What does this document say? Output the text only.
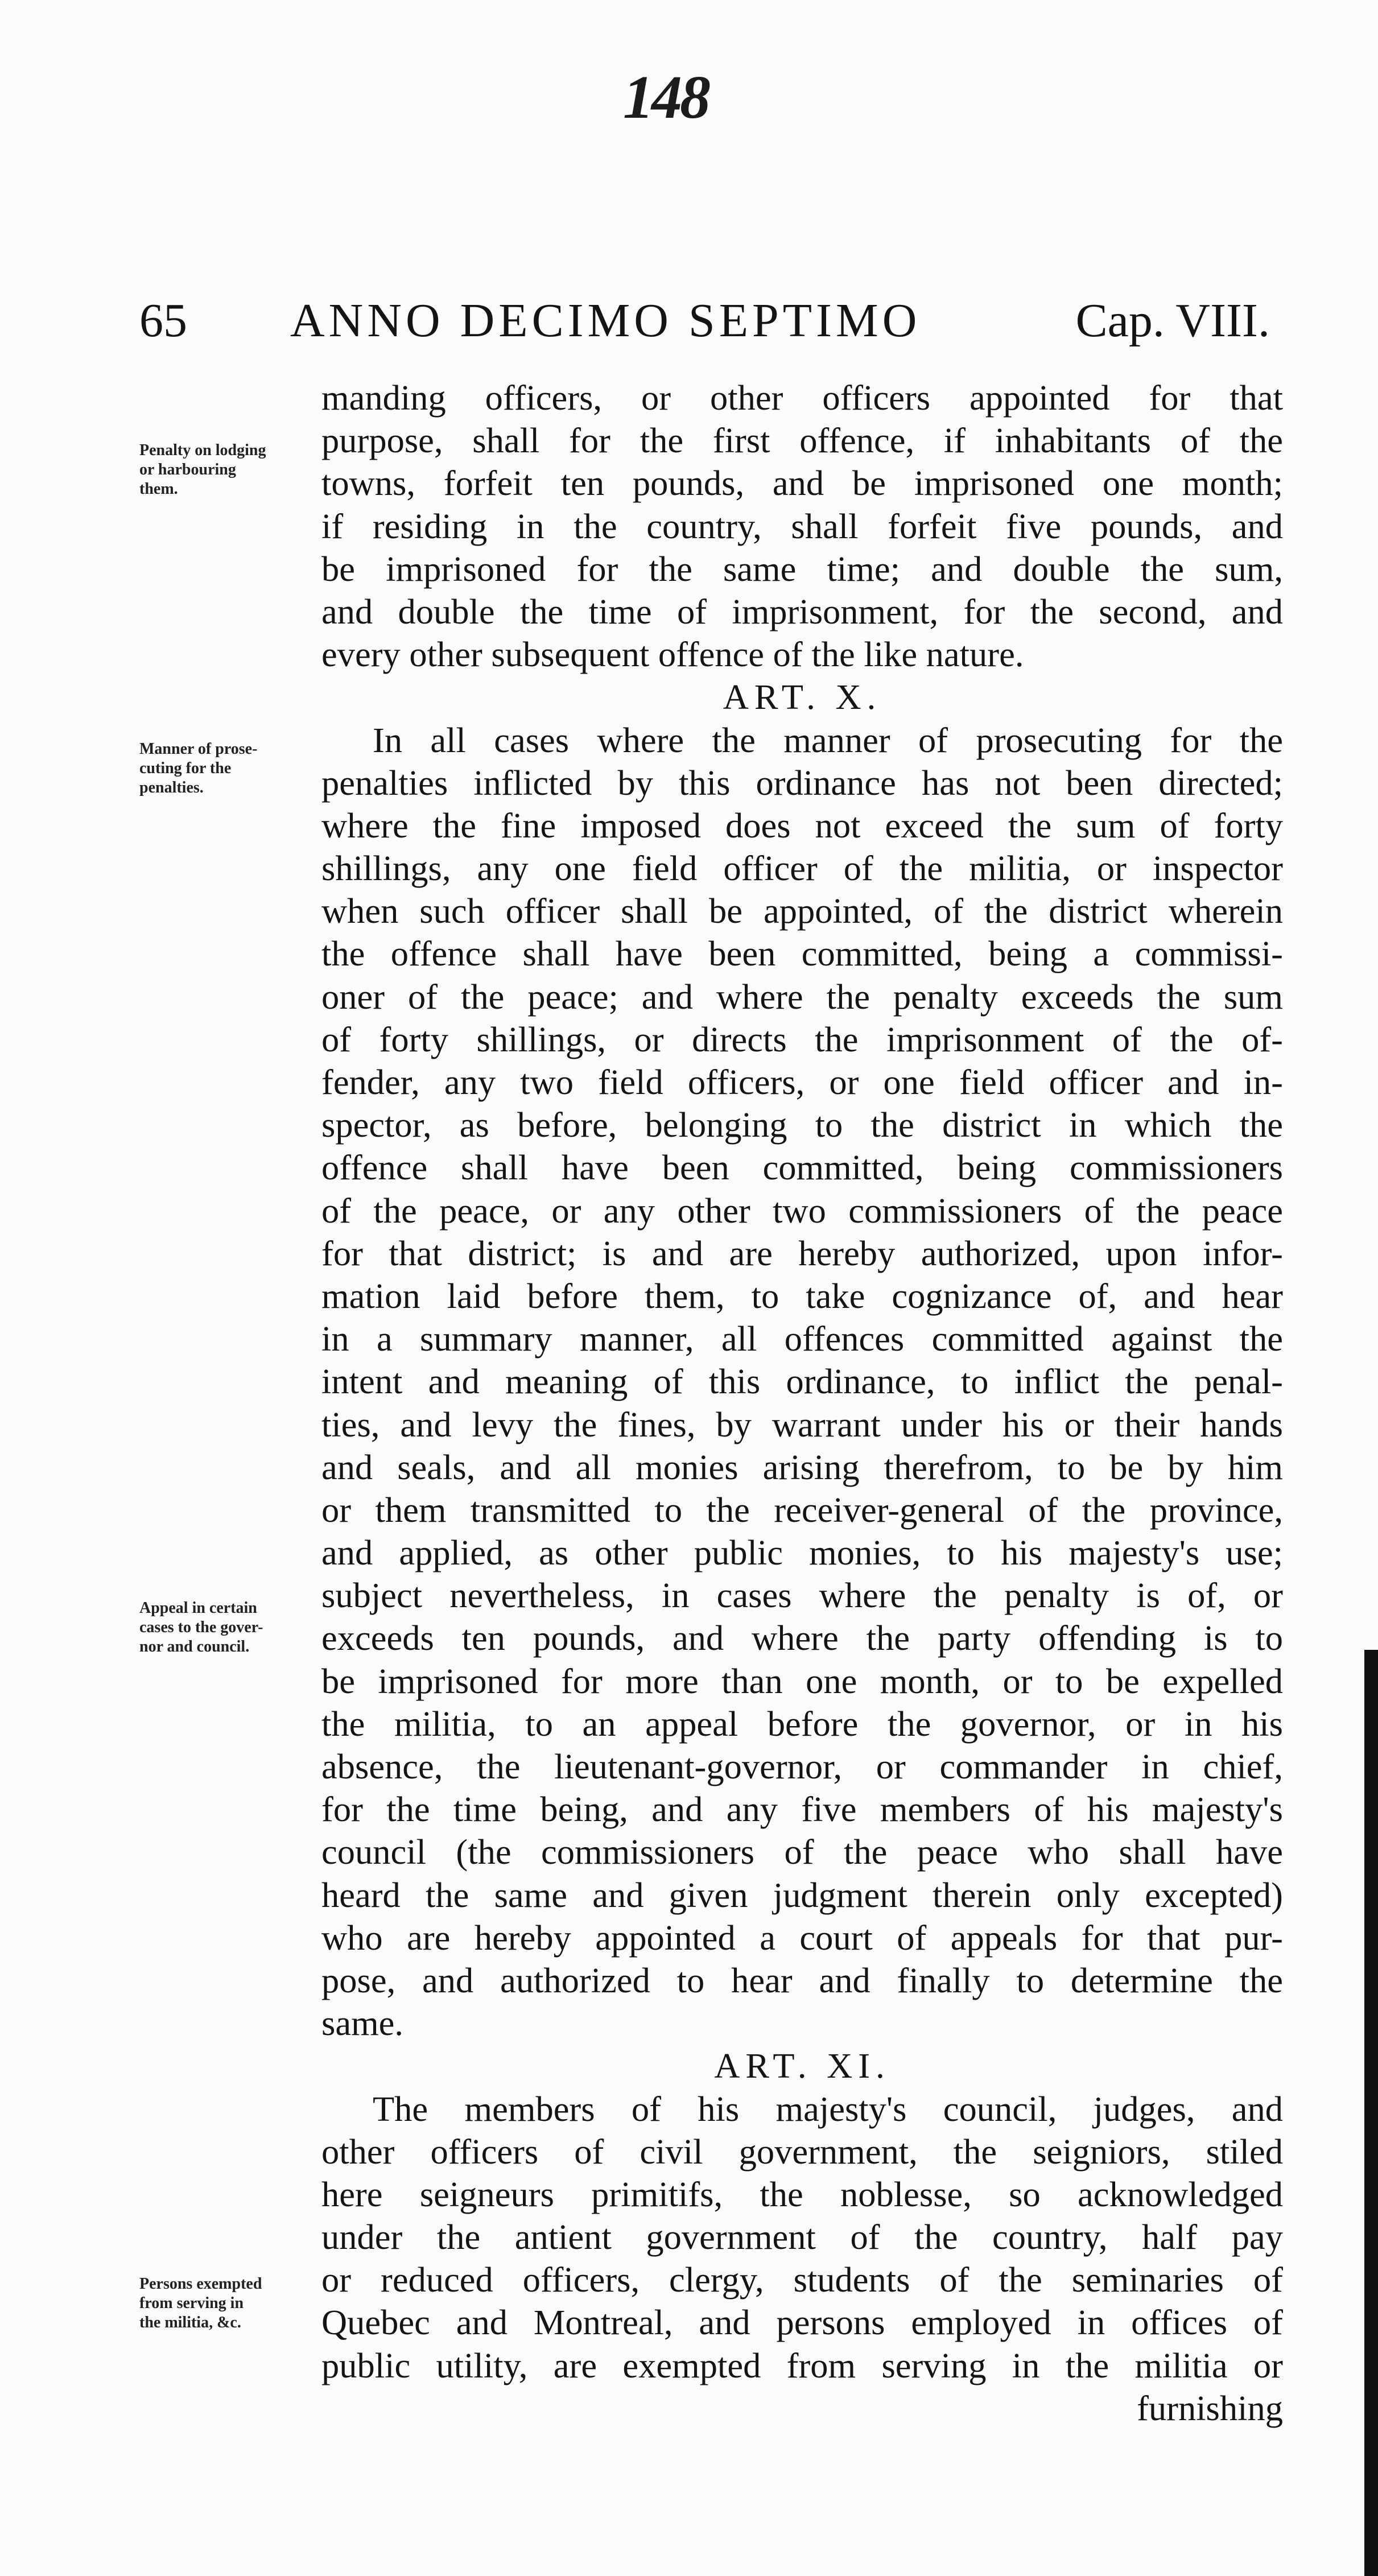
148
65 ANNO DECIMO SEPTIMO	Cap. VIII.
Penalty on lodging
or harbouring
them.
Manner of prose-
cuting for the
penalties.
Appeal in certain
cases to the gover-
nor and council.
Persons exempted
from serving in
the militia, &c.
manding officers, or other officers appointed for that
purpose, shall for the first offence, if inhabitants of the
towns, forfeit ten pounds, and be imprisoned one month;
if residing in the country, shall forfeit five pounds, and
be imprisoned for the same time; and double the sum,
and double the time of imprisonment, for the second, and
every other subsequent offence of the like nature.
ART. X.
In all cases where the manner of prosecuting for the
penalties inflicted by this ordinance has not been directed;
where the fine imposed does not exceed the sum of forty
shillings, any one field officer of the militia, or inspector
when such officer shall be appointed, of the district wherein
the offence shall have been committed, being a commissi-
oner of the peace; and where the penalty exceeds the sum
of forty shillings, or directs the imprisonment of the of-
fender, any two field officers, or one field officer and in-
spector, as before, belonging to the district in which the
offence shall have been committed, being commissioners
of the peace, or any other two commissioners of the peace
for that district; is and are hereby authorized, upon infor-
mation laid before them, to take cognizance of, and hear
in a summary manner, all offences committed against the
intent and meaning of this ordinance, to inflict the penal-
ties, and levy the fines, by warrant under his or their hands
and seals, and all monies arising therefrom, to be by him
or them transmitted to the receiver-general of the province,
and applied, as other public monies, to his majesty's use;
subject nevertheless, in cases where the penalty is of, or
exceeds ten pounds, and where the party offending is to
be imprisoned for more than one month, or to be expelled
the militia, to an appeal before the governor, or in his
absence, the lieutenant-governor, or commander in chief,
for the time being, and any five members of his majesty's
council (the commissioners of the peace who shall have
heard the same and given judgment therein only excepted)
who are hereby appointed a court of appeals for that pur-
pose, and authorized to hear and finally to determine the
same.
ART. XI.
The members of his majesty's council, judges, and
other officers of civil government, the seigniors, stiled
here seigneurs primitifs, the noblesse, so acknowledged
under the antient government of the country, half pay
or reduced officers, clergy, students of the seminaries of
Quebec and Montreal, and persons employed in offices of
public utility, are exempted from serving in the militia or
furnishing
